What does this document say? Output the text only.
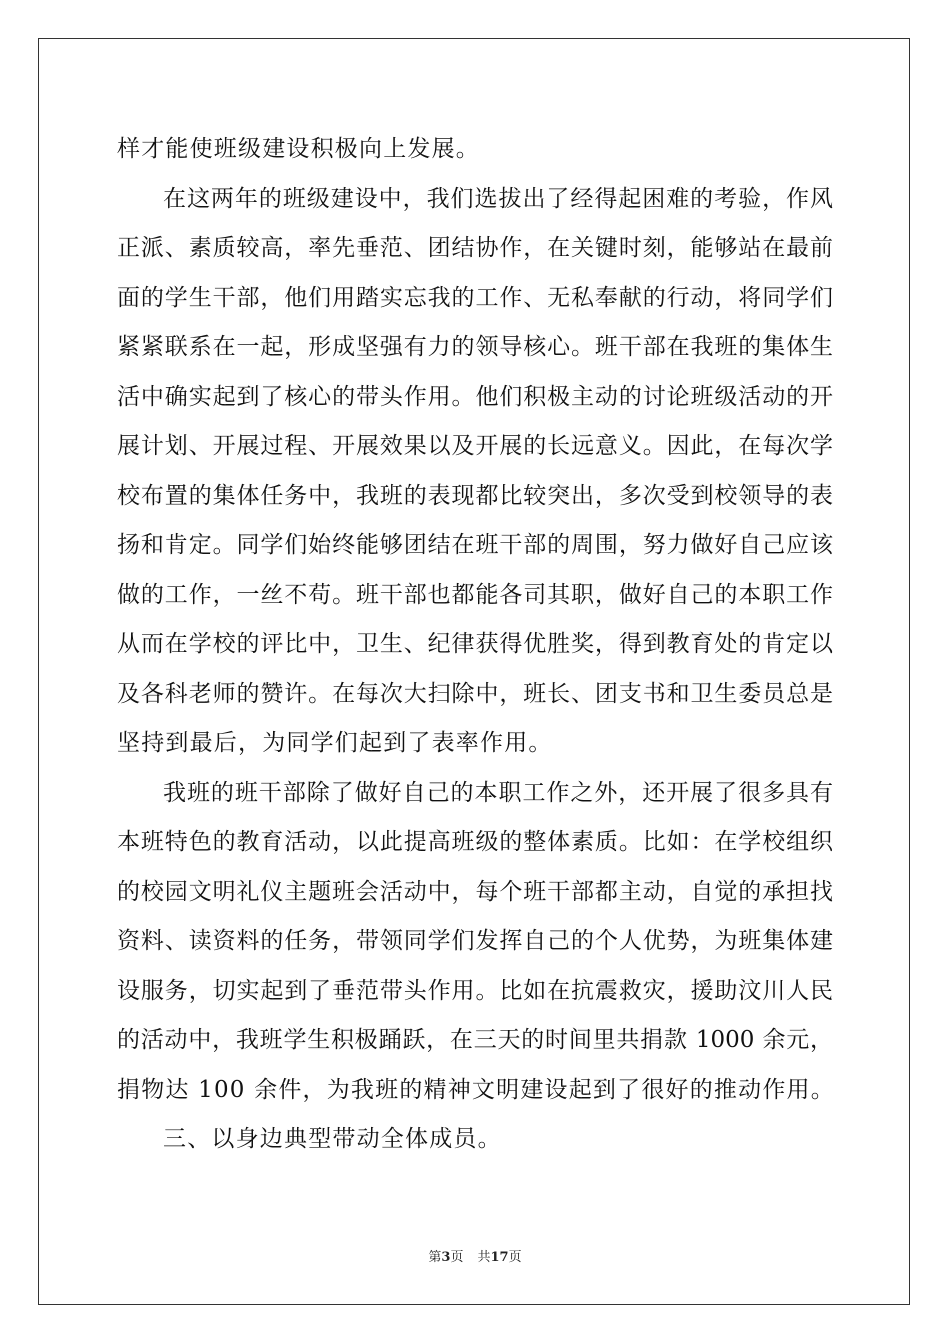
样才能使班级建设积极向上发展。
在这两年的班级建设中，我们选拔出了经得起困难的考验，作风
正派、素质较高，率先垂范、团结协作，在关键时刻，能够站在最前
面的学生干部，他们用踏实忘我的工作、无私奉献的行动，将同学们
紧紧联系在一起，形成坚强有力的领导核心。班干部在我班的集体生
活中确实起到了核心的带头作用。他们积极主动的讨论班级活动的开
展计划、开展过程、开展效果以及开展的长远意义。因此，在每次学
校布置的集体任务中，我班的表现都比较突出，多次受到校领导的表
扬和肯定。同学们始终能够团结在班干部的周围，努力做好自己应该
做的工作，一丝不苟。班干部也都能各司其职，做好自己的本职工作
从而在学校的评比中，卫生、纪律获得优胜奖，得到教育处的肯定以
及各科老师的赞许。在每次大扫除中，班长、团支书和卫生委员总是
坚持到最后，为同学们起到了表率作用。
我班的班干部除了做好自己的本职工作之外，还开展了很多具有
本班特色的教育活动，以此提高班级的整体素质。比如：在学校组织
的校园文明礼仪主题班会活动中，每个班干部都主动，自觉的承担找
资料、读资料的任务，带领同学们发挥自己的个人优势，为班集体建
设服务，切实起到了垂范带头作用。比如在抗震救灾，援助汶川人民
的活动中，我班学生积极踊跃，在三天的时间里共捐款 1000 余元，
捐物达 100 余件，为我班的精神文明建设起到了很好的推动作用。
三、以身边典型带动全体成员。
第3页 共17页
